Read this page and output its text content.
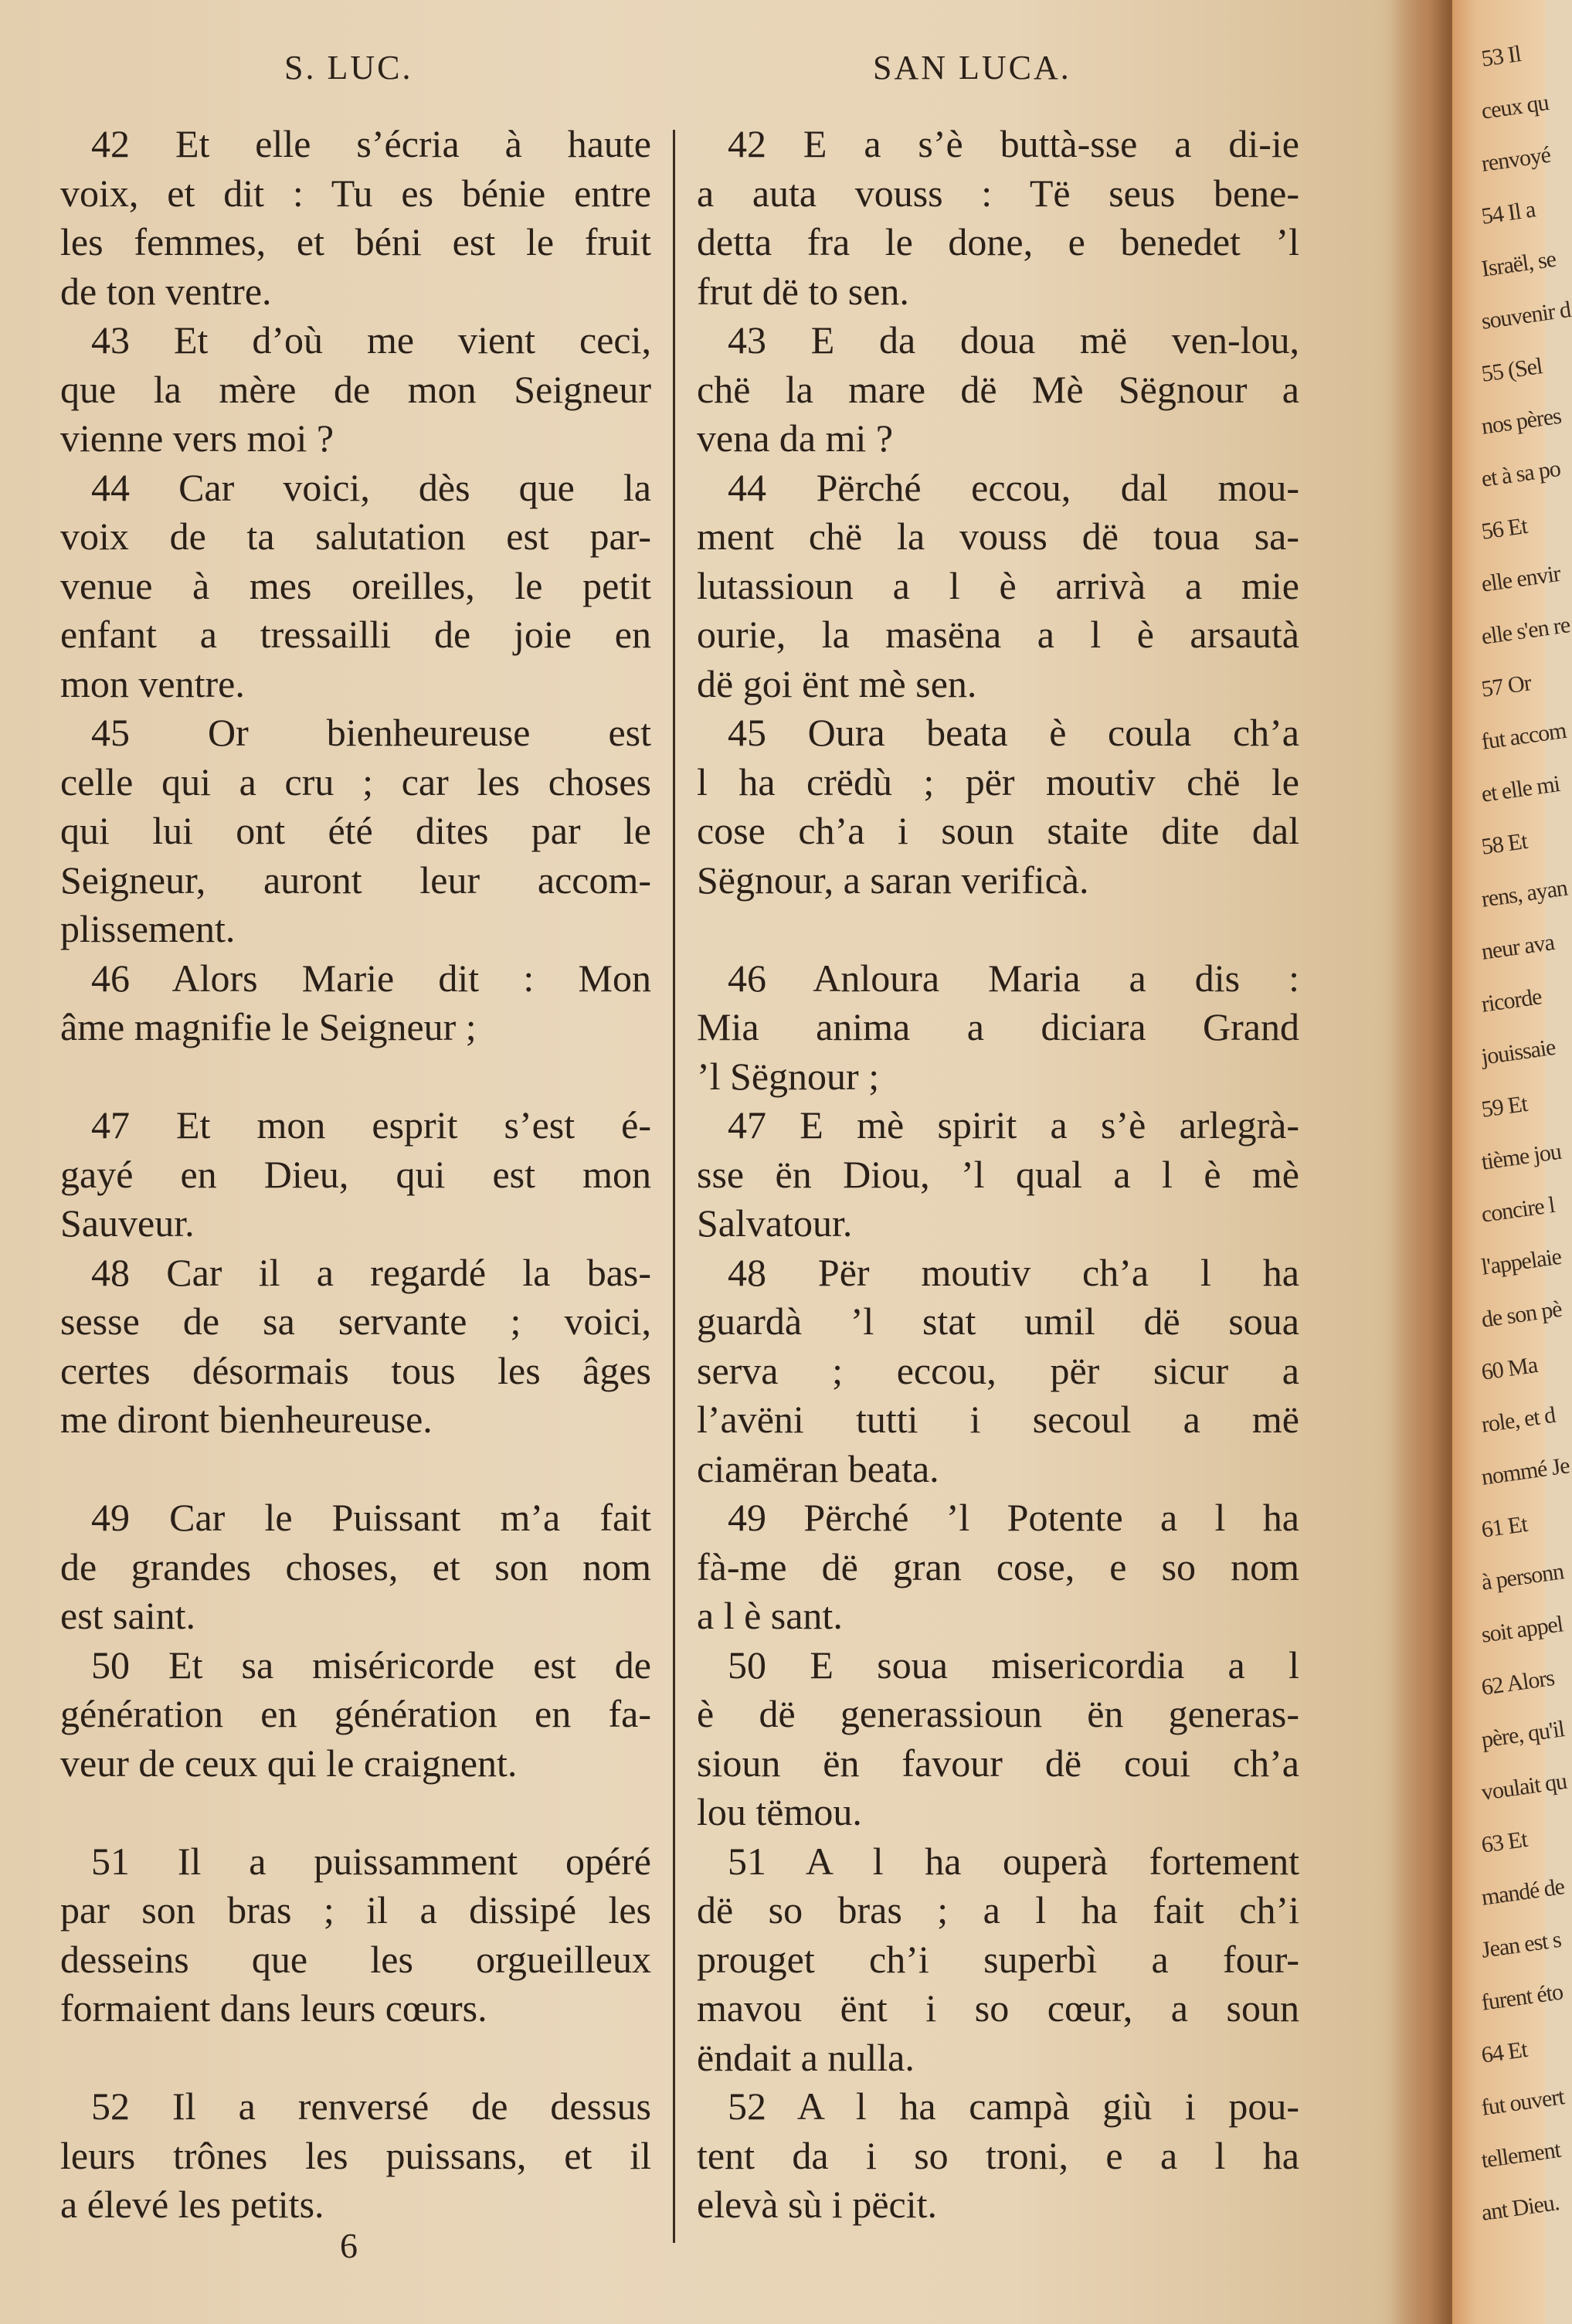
S. LUC.	SAN LUCA.
42 Et elle s’écria à haute
voix, et dit : Tu es bénie entre
les femmes, et béni est le fruit
de ton ventre.
43 Et d’où me vient ceci,
que la mère de mon Seigneur
vienne vers moi ?
44 Car voici, dès que la
voix de ta salutation est par-
venue à mes oreilles, le petit
enfant a tressailli de joie en
mon ventre.
45 Or bienheureuse est
celle qui a cru ; car les choses
qui lui ont été dites par le
Seigneur, auront leur accom-
plissement.
46 Alors Marie dit : Mon
âme magnifie le Seigneur ;
47 Et mon esprit s’est é-
gayé en Dieu, qui est mon
Sauveur.
48 Car il a regardé la bas-
sesse de sa servante ; voici,
certes désormais tous les âges
me diront bienheureuse.
49 Car le Puissant m’a fait
de grandes choses, et son nom
est saint.
50 Et sa miséricorde est de
génération en génération en fa-
veur de ceux qui le craignent.
51 Il a puissamment opéré
par son bras ; il a dissipé les
desseins que les orgueilleux
formaient dans leurs cœurs.
52 Il a renversé de dessus
leurs trônes les puissans, et il
a élevé les petits.
42 E a s’è buttà-sse a di-ie
a auta vouss : Të seus bene-
detta fra le done, e benedet ’l
frut dë to sen.
43 E da doua më ven-lou,
chë la mare dë Mè Sëgnour a
vena da mi ?
44 Përché eccou, dal mou-
ment chë la vouss dë toua sa-
lutassioun a l è arrivà a mie
ourie, la masëna a l è arsautà
dë goi ënt mè sen.
45 Oura beata è coula ch’a
l ha crëdù ; për moutiv chë le
cose ch’a i soun staite dite dal
Sëgnour, a saran verificà.
46 Anloura Maria a dis :
Mia anima a diciara Grand
’l Sëgnour ;
47 E mè spirit a s’è arlegrà-
sse ën Diou, ’l qual a l è mè
Salvatour.
48 Për moutiv ch’a l ha
guardà ’l stat umil dë soua
serva ; eccou, për sicur a
l’avëni tutti i secoul a më
ciamëran beata.
49 Përché ’l Potente a l ha
fà-me dë gran cose, e so nom
a l è sant.
50 E soua misericordia a l
è dë generassioun ën generas-
sioun ën favour dë coui ch’a
lou tëmou.
51 A l ha ouperà fortement
dë so bras ; a l ha fait ch’i
prouget ch’i superbì a four-
mavou ënt i so cœur, a soun
ëndait a nulla.
52 A l ha campà giù i pou-
tent da i so troni, e a l ha
elevà sù i pëcit.
6
53 Il
ceux qu
renvoyé
54 Il a
Israël, se
souvenir d
55 (Sel
nos pères
et à sa po
56 Et
elle envir
elle s'en re
57 Or
fut accom
et elle mi
58 Et
rens, ayan
neur ava
ricorde
jouissaie
59 Et
tième jou
concire l
l'appelaie
de son pè
60 Ma
role, et d
nommé Je
61 Et
à personn
soit appel
62 Alors
père, qu'il
voulait qu
63 Et
mandé de
Jean est s
furent éto
64 Et
fut ouvert
tellement
ant Dieu.
